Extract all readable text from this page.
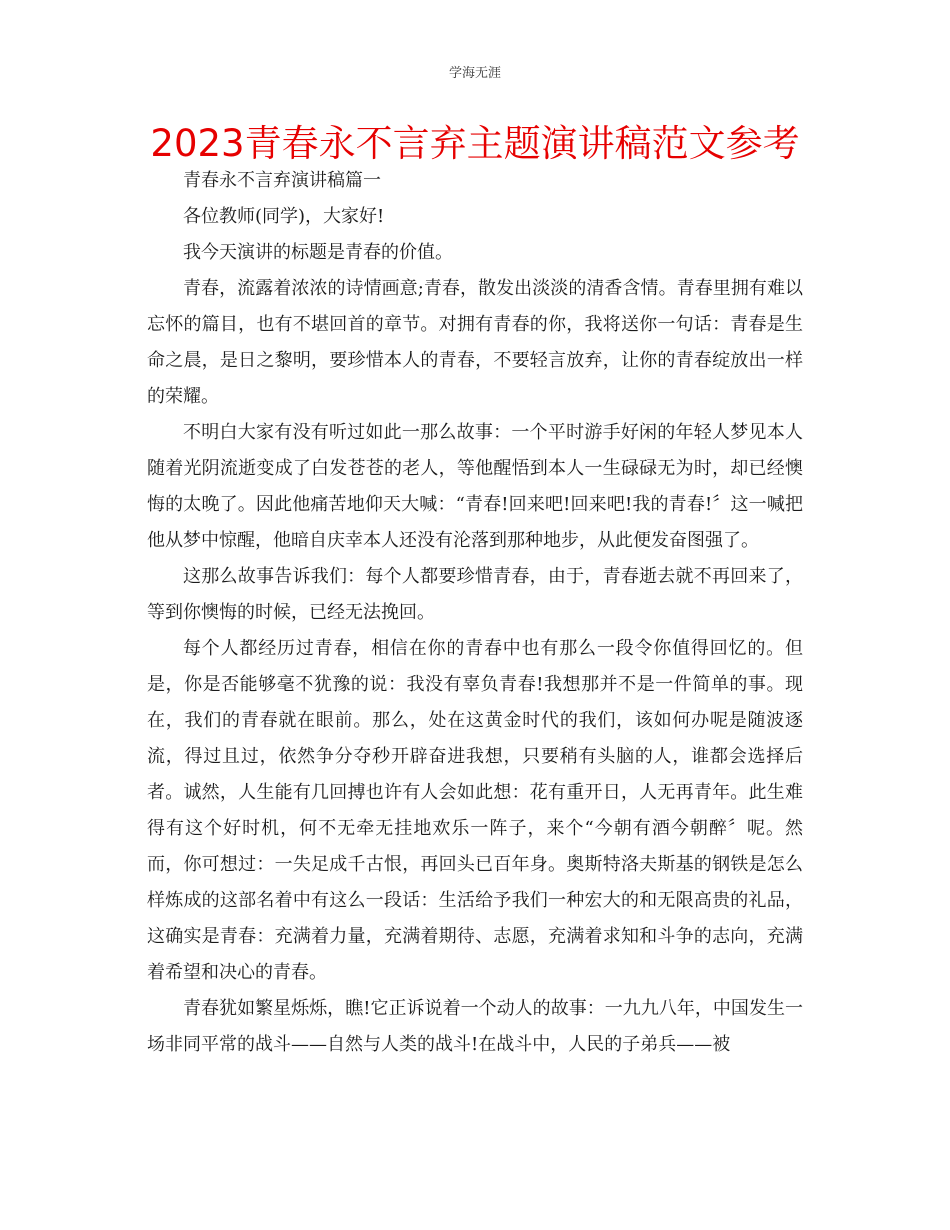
学海无涯
2023青春永不言弃主题演讲稿范文参考

青春永不言弃演讲稿篇一

各位教师(同学)，大家好!

我今天演讲的标题是青春的价值。

青春，流露着浓浓的诗情画意;青春，散发出淡淡的清香含情。青春里拥有难以忘怀的篇目，也有不堪回首的章节。对拥有青春的你，我将送你一句话：青春是生命之晨，是日之黎明，要珍惜本人的青春，不要轻言放弃，让你的青春绽放出一样的荣耀。

不明白大家有没有听过如此一那么故事：一个平时游手好闲的年轻人梦见本人随着光阴流逝变成了白发苍苍的老人，等他醒悟到本人一生碌碌无为时，却已经懊悔的太晚了。因此他痛苦地仰天大喊：“青春!回来吧!回来吧!我的青春!〞这一喊把他从梦中惊醒，他暗自庆幸本人还没有沦落到那种地步，从此便发奋图强了。

这那么故事告诉我们：每个人都要珍惜青春，由于，青春逝去就不再回来了，等到你懊悔的时候，已经无法挽回。

每个人都经历过青春，相信在你的青春中也有那么一段令你值得回忆的。但是，你是否能够毫不犹豫的说：我没有辜负青春!我想那并不是一件简单的事。现在，我们的青春就在眼前。那么，处在这黄金时代的我们，该如何办呢是随波逐流，得过且过，依然争分夺秒开辟奋进我想，只要稍有头脑的人，谁都会选择后者。诚然，人生能有几回搏也许有人会如此想：花有重开日，人无再青年。此生难得有这个好时机，何不无牵无挂地欢乐一阵子，来个“今朝有酒今朝醉〞呢。然而，你可想过：一失足成千古恨，再回头已百年身。奥斯特洛夫斯基的钢铁是怎么样炼成的这部名着中有这么一段话：生活给予我们一种宏大的和无限高贵的礼品，这确实是青春：充满着力量，充满着期待、志愿，充满着求知和斗争的志向，充满着希望和决心的青春。

青春犹如繁星烁烁，瞧!它正诉说着一个动人的故事：一九九八年，中国发生一场非同平常的战斗——自然与人类的战斗!在战斗中，人民的子弟兵——被
